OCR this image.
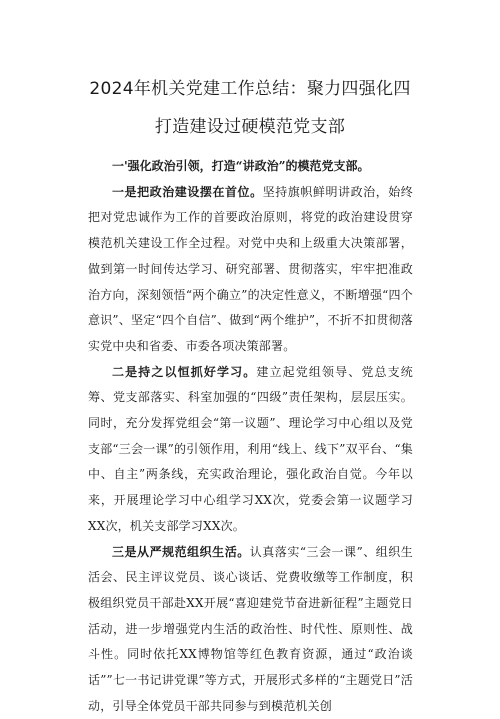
2024年机关党建工作总结：聚力四强化四
打造建设过硬模范党支部

一'强化政治引领，打造“讲政治”的模范党支部。

一是把政治建设摆在首位。坚持旗帜鲜明讲政治，始终把对党忠诚作为工作的首要政治原则，将党的政治建设贯穿模范机关建设工作全过程。对党中央和上级重大决策部署，做到第一时间传达学习、研究部署、贯彻落实，牢牢把准政治方向，深刻领悟“两个确立”的决定性意义，不断增强“四个意识”、坚定“四个自信”、做到“两个维护”，不折不扣贯彻落实党中央和省委、市委各项决策部署。

二是持之以恒抓好学习。建立起党组领导、党总支统筹、党支部落实、科室加强的“四级”责任架构，层层压实。同时，充分发挥党组会“第一议题”、理论学习中心组以及党支部“三会一课”的引领作用，利用“线上、线下”双平台、“集中、自主”两条线，充实政治理论，强化政治自觉。今年以来，开展理论学习中心组学习XX次，党委会第一议题学习XX次，机关支部学习XX次。

三是从严规范组织生活。认真落实“三会一课”、组织生活会、民主评议党员、谈心谈话、党费收缴等工作制度，积极组织党员干部赴XX开展“喜迎建党节奋进新征程”主题党日活动，进一步增强党内生活的政治性、时代性、原则性、战斗性。同时依托XX博物馆等红色教育资源，通过“政治谈话””七一书记讲党课”等方式，开展形式多样的“主题党日”活动，引导全体党员干部共同参与到模范机关创
